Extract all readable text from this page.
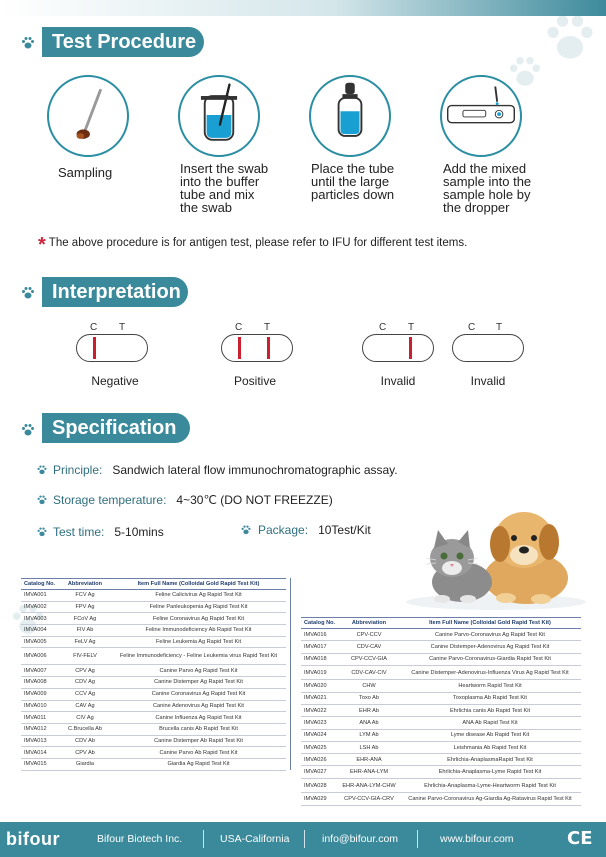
Test Procedure
Sampling	Insert the swab
into the buffer
tube and mix
the swab
Place the tube
until the large
particles down
Add the mixed
sample into the
sample hole by
the dropper
* The above procedure is for antigen test, please refer to IFU for different test items.
Interpretation
C T
Negative
C T
Positive
C T
Invalid
C T
Invalid
Specification
Principle: Sandwich lateral flow immunochromatographic assay.
Storage temperature: 4~30℃ (DO NOT FREEZZE)
Test time: 5-10mins	Package: 10Test/Kit
Catalog No.	Abbreviation	Item Full Name (Colloidal Gold Rapid Test Kit)
IMVA001	FCV Ag	Feline Calicivirus Ag Rapid Test Kit
IMVA002	FPV Ag	Feline Panleukopenia Ag Rapid Test Kit
IMVA003	FCoV Ag	Feline Coronavirus Ag Rapid Test Kit
IMVA004	FIV Ab	Feline Immunodeficiency Ab Rapid Test Kit
IMVA005	FeLV Ag	Feline Leukemia Ag Rapid Test Kit
IMVA006	FIV-FELV	Feline Immunodeficiency - Feline Leukemia virus Rapid Test Kit
IMVA007	CPV Ag	Canine Parvo Ag Rapid Test Kit
IMVA008	CDV Ag	Canine Distemper Ag Rapid Test Kit
IMVA009	CCV Ag	Canine Coronavirus Ag Rapid Test Kit
IMVA010	CAV Ag	Canine Adenovirus Ag Rapid Test Kit
IMVA011	CIV Ag	Canine Influenza Ag Rapid Test Kit
IMVA012	C.Brucella Ab	Brucella canis Ab Rapid Test Kit
IMVA013	CDV Ab	Canine Distemper Ab Rapid Test Kit
IMVA014	CPV Ab	Canine Parvo Ab Rapid Test Kit
IMVA015	Giardia	Giardia Ag Rapid Test Kit
Catalog No.	Abbreviation	Item Full Name (Colloidal Gold Rapid Test Kit)
IMVA016	CPV-CCV	Canine Parvo-Coronavirus Ag Rapid Test Kit
IMVA017	CDV-CAV	Canine Distemper-Adenovirus Ag Rapid Test Kit
IMVA018	CPV-CCV-GIA	Canine Parvo-Coronavirus-Giardia Rapid Test Kit
IMVA019	CDV-CAV-CIV	Canine Distemper-Adenovirus-Influenza Virus Ag Rapid Test Kit
IMVA020	CHW	Heartworm Rapid Test Kit
IMVA021	Toxo Ab	Toxoplasma Ab Rapid Test Kit
IMVA022	EHR Ab	Ehrlichia canis Ab Rapid Test Kit
IMVA023	ANA Ab	ANA Ab Rapid Test Kit
IMVA024	LYM Ab	Lyme disease Ab Rapid Test Kit
IMVA025	LSH Ab	Leishmania Ab Rapid Test Kit
IMVA026	EHR-ANA	Ehrlichia-AnaplasmaRapid Test Kit
IMVA027	EHR-ANA-LYM	Ehrlichia-Anaplasma-Lyme Rapid Test Kit
IMVA028	EHR-ANA-LYM-CHW	Ehrlichia-Anaplasma-Lyme-Heartworm Rapid Test Kit
IMVA029	CPV-CCV-GIA-CRV	Canine Parvo-Coronavirus Ag-Giardia Ag-Ratavirus Rapid Test Kit
bifour	Bifour Biotech Inc.	USA-California	info@bifour.com	www.bifour.com	CE
